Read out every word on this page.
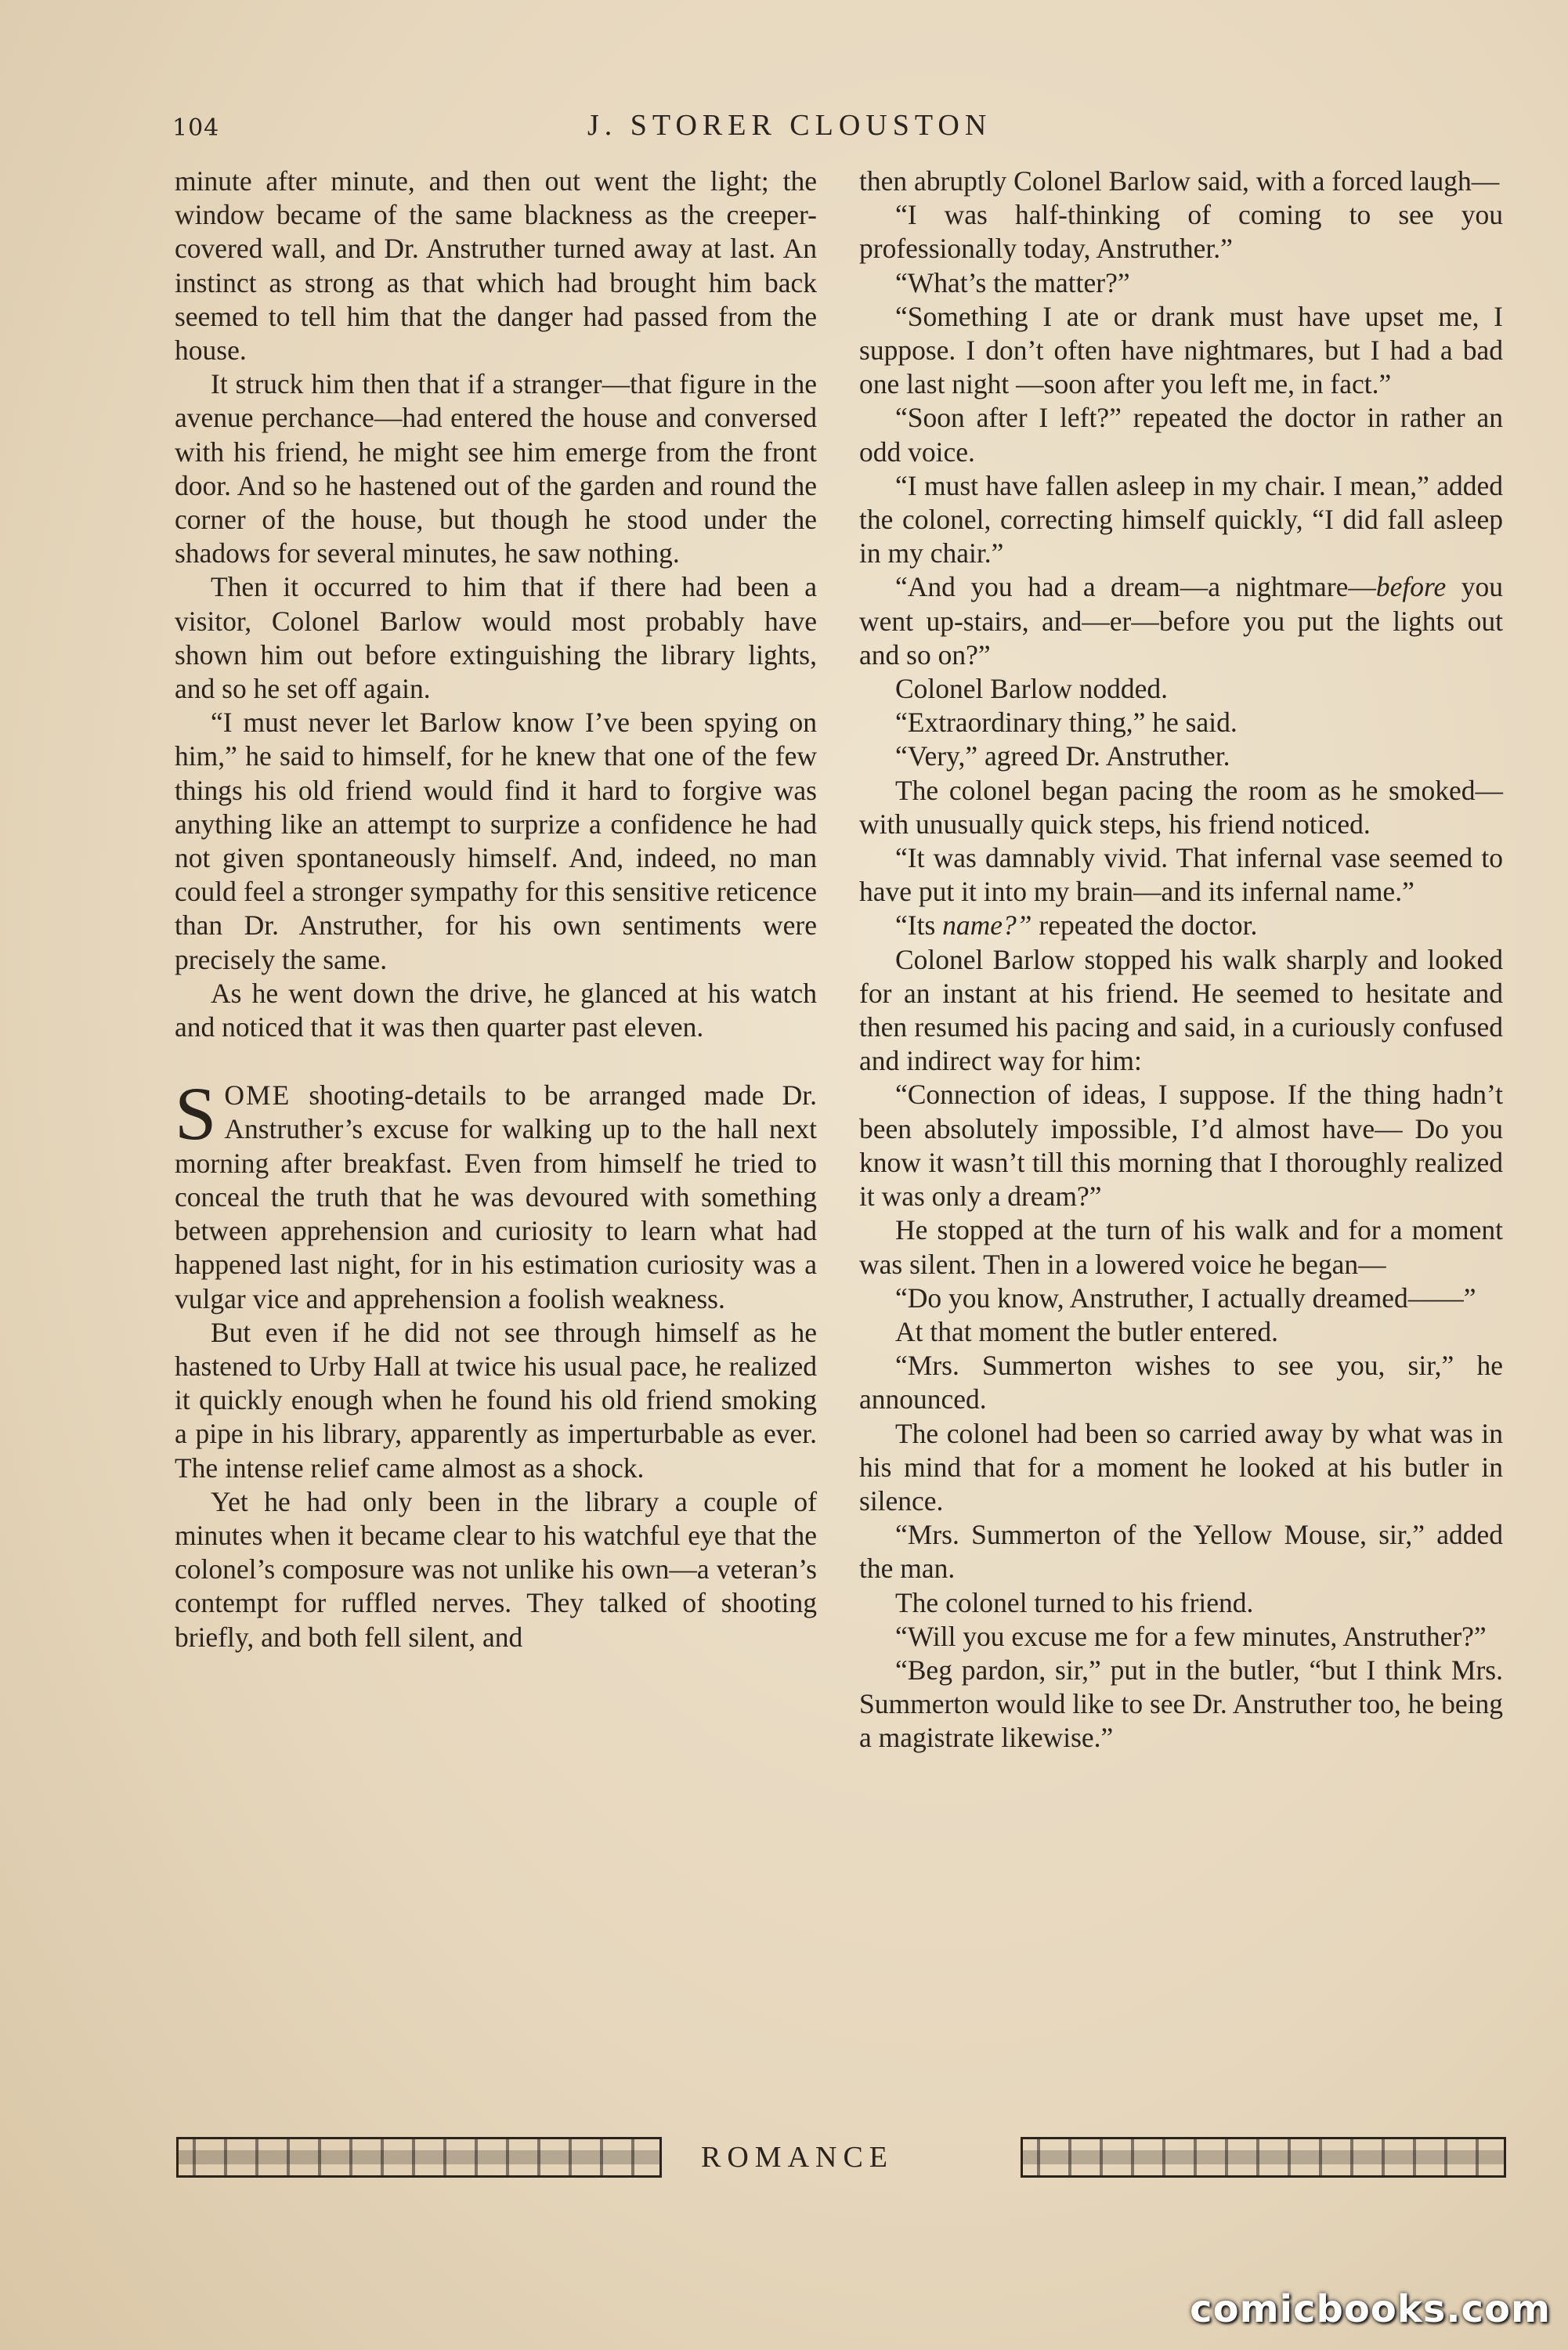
104	J. STORER CLOUSTON

minute after minute, and then out went the light; the window became of the same blackness as the creeper-covered wall, and Dr. Anstruther turned away at last. An instinct as strong as that which had brought him back seemed to tell him that the danger had passed from the house.

It struck him then that if a stranger—that figure in the avenue perchance—had entered the house and conversed with his friend, he might see him emerge from the front door. And so he hastened out of the garden and round the corner of the house, but though he stood under the shadows for several minutes, he saw nothing.

Then it occurred to him that if there had been a visitor, Colonel Barlow would most probably have shown him out before extinguishing the library lights, and so he set off again.

“I must never let Barlow know I’ve been spying on him,” he said to himself, for he knew that one of the few things his old friend would find it hard to forgive was anything like an attempt to surprize a confidence he had not given spontaneously himself. And, indeed, no man could feel a stronger sympathy for this sensitive reticence than Dr. Anstruther, for his own sentiments were precisely the same.

As he went down the drive, he glanced at his watch and noticed that it was then quarter past eleven.

SOME shooting-details to be arranged made Dr. Anstruther’s excuse for walking up to the hall next morning after breakfast. Even from himself he tried to conceal the truth that he was devoured with something between apprehension and curiosity to learn what had happened last night, for in his estimation curiosity was a vulgar vice and apprehension a foolish weakness.

But even if he did not see through himself as he hastened to Urby Hall at twice his usual pace, he realized it quickly enough when he found his old friend smoking a pipe in his library, apparently as imperturbable as ever. The intense relief came almost as a shock.

Yet he had only been in the library a couple of minutes when it became clear to his watchful eye that the colonel’s composure was not unlike his own—a veteran’s contempt for ruffled nerves. They talked of shooting briefly, and both fell silent, and

then abruptly Colonel Barlow said, with a forced laugh—

“I was half-thinking of coming to see you professionally today, Anstruther.”

“What’s the matter?”

“Something I ate or drank must have upset me, I suppose. I don’t often have nightmares, but I had a bad one last night —soon after you left me, in fact.”

“Soon after I left?” repeated the doctor in rather an odd voice.

“I must have fallen asleep in my chair. I mean,” added the colonel, correcting himself quickly, “I did fall asleep in my chair.”

“And you had a dream—a nightmare—before you went up-stairs, and—er—before you put the lights out and so on?”

Colonel Barlow nodded.

“Extraordinary thing,” he said.

“Very,” agreed Dr. Anstruther.

The colonel began pacing the room as he smoked—with unusually quick steps, his friend noticed.

“It was damnably vivid. That infernal vase seemed to have put it into my brain—and its infernal name.”

“Its name?” repeated the doctor.

Colonel Barlow stopped his walk sharply and looked for an instant at his friend. He seemed to hesitate and then resumed his pacing and said, in a curiously confused and indirect way for him:

“Connection of ideas, I suppose. If the thing hadn’t been absolutely impossible, I’d almost have— Do you know it wasn’t till this morning that I thoroughly realized it was only a dream?”

He stopped at the turn of his walk and for a moment was silent. Then in a lowered voice he began—

“Do you know, Anstruther, I actually dreamed——”

At that moment the butler entered.

“Mrs. Summerton wishes to see you, sir,” he announced.

The colonel had been so carried away by what was in his mind that for a moment he looked at his butler in silence.

“Mrs. Summerton of the Yellow Mouse, sir,” added the man.

The colonel turned to his friend.

“Will you excuse me for a few minutes, Anstruther?”

“Beg pardon, sir,” put in the butler, “but I think Mrs. Summerton would like to see Dr. Anstruther too, he being a magistrate likewise.”

ROMANCE
comicbooks.com
